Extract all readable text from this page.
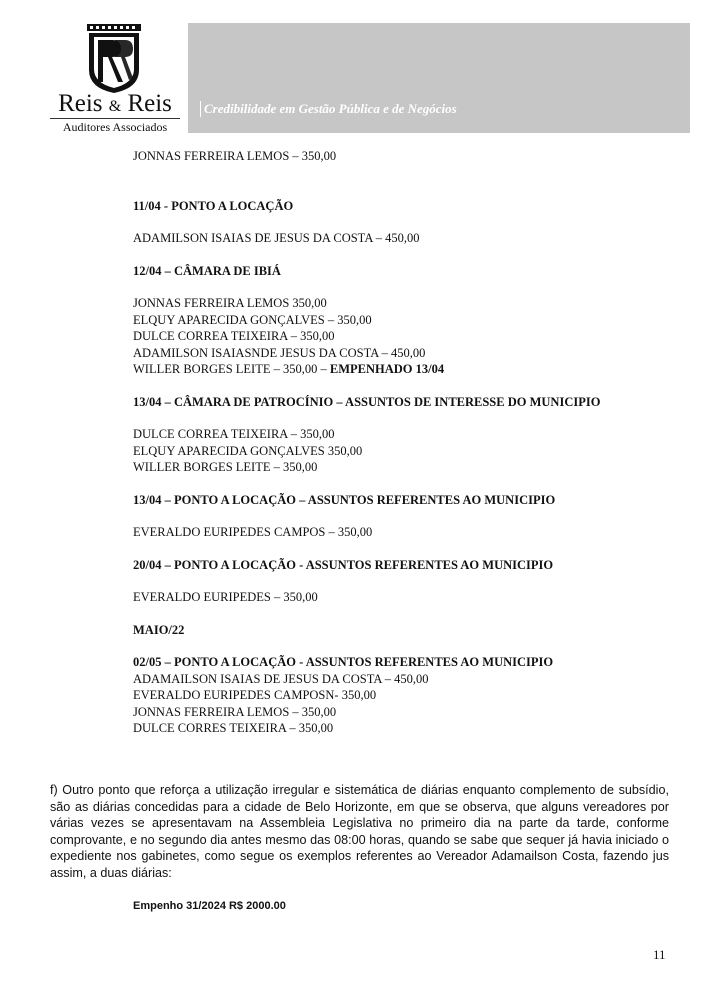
Credibilidade em Gestão Pública e de Negócios
Reis & Reis
Auditores Associados

JONNAS FERREIRA LEMOS – 350,00

11/04 - PONTO A LOCAÇÃO

ADAMILSON ISAIAS DE JESUS DA COSTA – 450,00

12/04 – CÂMARA DE IBIÁ

JONNAS FERREIRA LEMOS 350,00

ELQUY APARECIDA GONÇALVES – 350,00

DULCE CORREA TEIXEIRA – 350,00

ADAMILSON ISAIASNDE JESUS DA COSTA – 450,00

WILLER BORGES LEITE – 350,00 – EMPENHADO 13/04

13/04 – CÂMARA DE PATROCÍNIO – ASSUNTOS DE INTERESSE DO MUNICIPIO

DULCE CORREA TEIXEIRA – 350,00

ELQUY APARECIDA GONÇALVES 350,00

WILLER BORGES LEITE – 350,00

13/04 – PONTO A LOCAÇÃO – ASSUNTOS REFERENTES AO MUNICIPIO

EVERALDO EURIPEDES CAMPOS – 350,00

20/04 – PONTO A LOCAÇÃO - ASSUNTOS REFERENTES AO MUNICIPIO

EVERALDO EURIPEDES – 350,00

MAIO/22

02/05 – PONTO A LOCAÇÃO - ASSUNTOS REFERENTES AO MUNICIPIO

ADAMAILSON ISAIAS DE JESUS DA COSTA – 450,00

EVERALDO EURIPEDES CAMPOSN- 350,00

JONNAS FERREIRA LEMOS – 350,00

DULCE CORRES TEIXEIRA – 350,00

f) Outro ponto que reforça a utilização irregular e sistemática de diárias enquanto complemento de subsídio, são as diárias concedidas para a cidade de Belo Horizonte, em que se observa, que alguns vereadores por várias vezes se apresentavam na Assembleia Legislativa no primeiro dia na parte da tarde, conforme comprovante, e no segundo dia antes mesmo das 08:00 horas, quando se sabe que sequer já havia iniciado o expediente nos gabinetes, como segue os exemplos referentes ao Vereador Adamailson Costa, fazendo jus assim, a duas diárias:

Empenho 31/2024 R$ 2000.00
11
